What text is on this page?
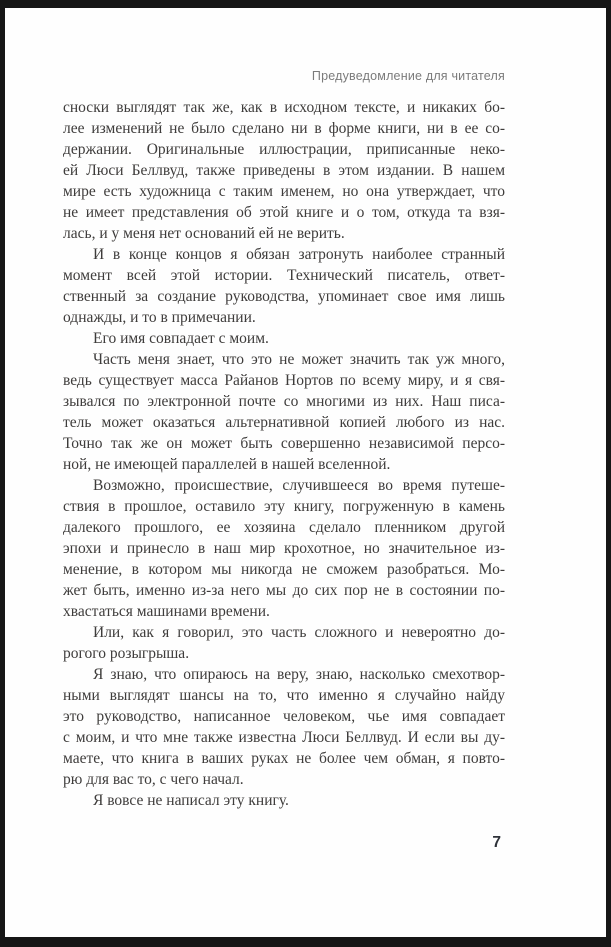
Предуведомление для читателя
сноски выглядят так же, как в исходном тексте, и никаких бо-
лее изменений не было сделано ни в форме книги, ни в ее со-
держании. Оригинальные иллюстрации, приписанные неко-
ей Люси Беллвуд, также приведены в этом издании. В нашем
мире есть художница с таким именем, но она утверждает, что
не имеет представления об этой книге и о том, откуда та взя-
лась, и у меня нет оснований ей не верить.
И в конце концов я обязан затронуть наиболее странный
момент всей этой истории. Технический писатель, ответ-
ственный за создание руководства, упоминает свое имя лишь
однажды, и то в примечании.
Его имя совпадает с моим.
Часть меня знает, что это не может значить так уж много,
ведь существует масса Райанов Нортов по всему миру, и я свя-
зывался по электронной почте со многими из них. Наш писа-
тель может оказаться альтернативной копией любого из нас.
Точно так же он может быть совершенно независимой персо-
ной, не имеющей параллелей в нашей вселенной.
Возможно, происшествие, случившееся во время путеше-
ствия в прошлое, оставило эту книгу, погруженную в камень
далекого прошлого, ее хозяина сделало пленником другой
эпохи и принесло в наш мир крохотное, но значительное из-
менение, в котором мы никогда не сможем разобраться. Мо-
жет быть, именно из-за него мы до сих пор не в состоянии по-
хвастаться машинами времени.
Или, как я говорил, это часть сложного и невероятно до-
рогого розыгрыша.
Я знаю, что опираюсь на веру, знаю, насколько смехотвор-
ными выглядят шансы на то, что именно я случайно найду
это руководство, написанное человеком, чье имя совпадает
с моим, и что мне также известна Люси Беллвуд. И если вы ду-
маете, что книга в ваших руках не более чем обман, я повто-
рю для вас то, с чего начал.
Я вовсе не написал эту книгу.
7
